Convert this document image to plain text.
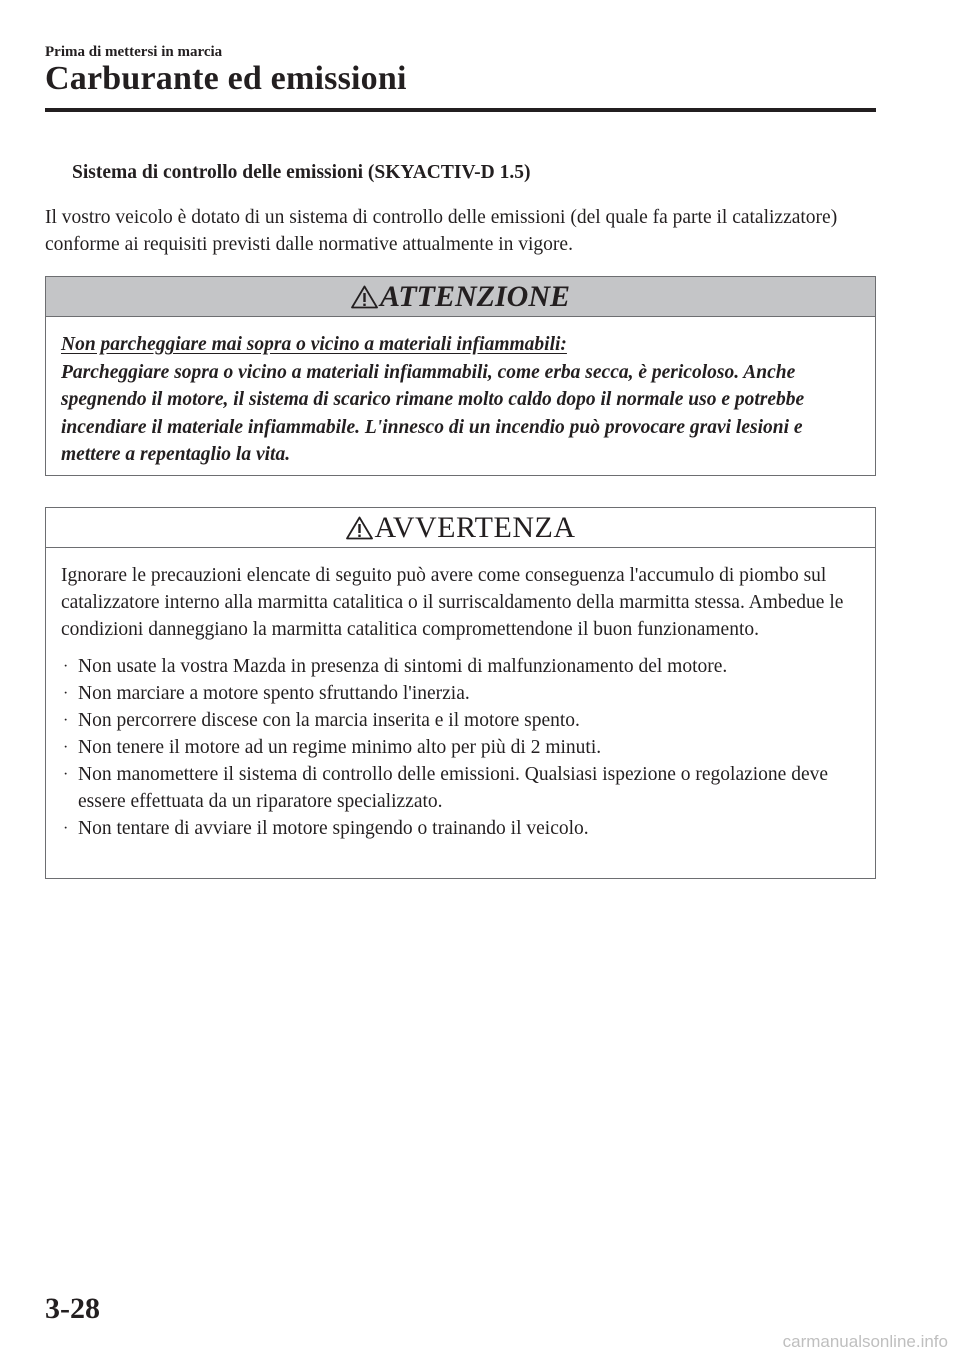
Prima di mettersi in marcia
Carburante ed emissioni
Sistema di controllo delle emissioni (SKYACTIV-D 1.5)

Il vostro veicolo è dotato di un sistema di controllo delle emissioni (del quale fa parte il catalizzatore) conforme ai requisiti previsti dalle normative attualmente in vigore.

ATTENZIONE
Non parcheggiare mai sopra o vicino a materiali infiammabili:
Parcheggiare sopra o vicino a materiali infiammabili, come erba secca, è pericoloso. Anche spegnendo il motore, il sistema di scarico rimane molto caldo dopo il normale uso e potrebbe incendiare il materiale infiammabile. L'innesco di un incendio può provocare gravi lesioni e mettere a repentaglio la vita.
AVVERTENZA

Ignorare le precauzioni elencate di seguito può avere come conseguenza l'accumulo di piombo sul catalizzatore interno alla marmitta catalitica o il surriscaldamento della marmitta stessa. Ambedue le condizioni danneggiano la marmitta catalitica compromettendone il buon funzionamento.

· Non usate la vostra Mazda in presenza di sintomi di malfunzionamento del motore.
· Non marciare a motore spento sfruttando l'inerzia.
· Non percorrere discese con la marcia inserita e il motore spento.
· Non tenere il motore ad un regime minimo alto per più di 2 minuti.
· Non manomettere il sistema di controllo delle emissioni. Qualsiasi ispezione o regolazione deve essere effettuata da un riparatore specializzato.
· Non tentare di avviare il motore spingendo o trainando il veicolo.
3-28
carmanualsonline.info
